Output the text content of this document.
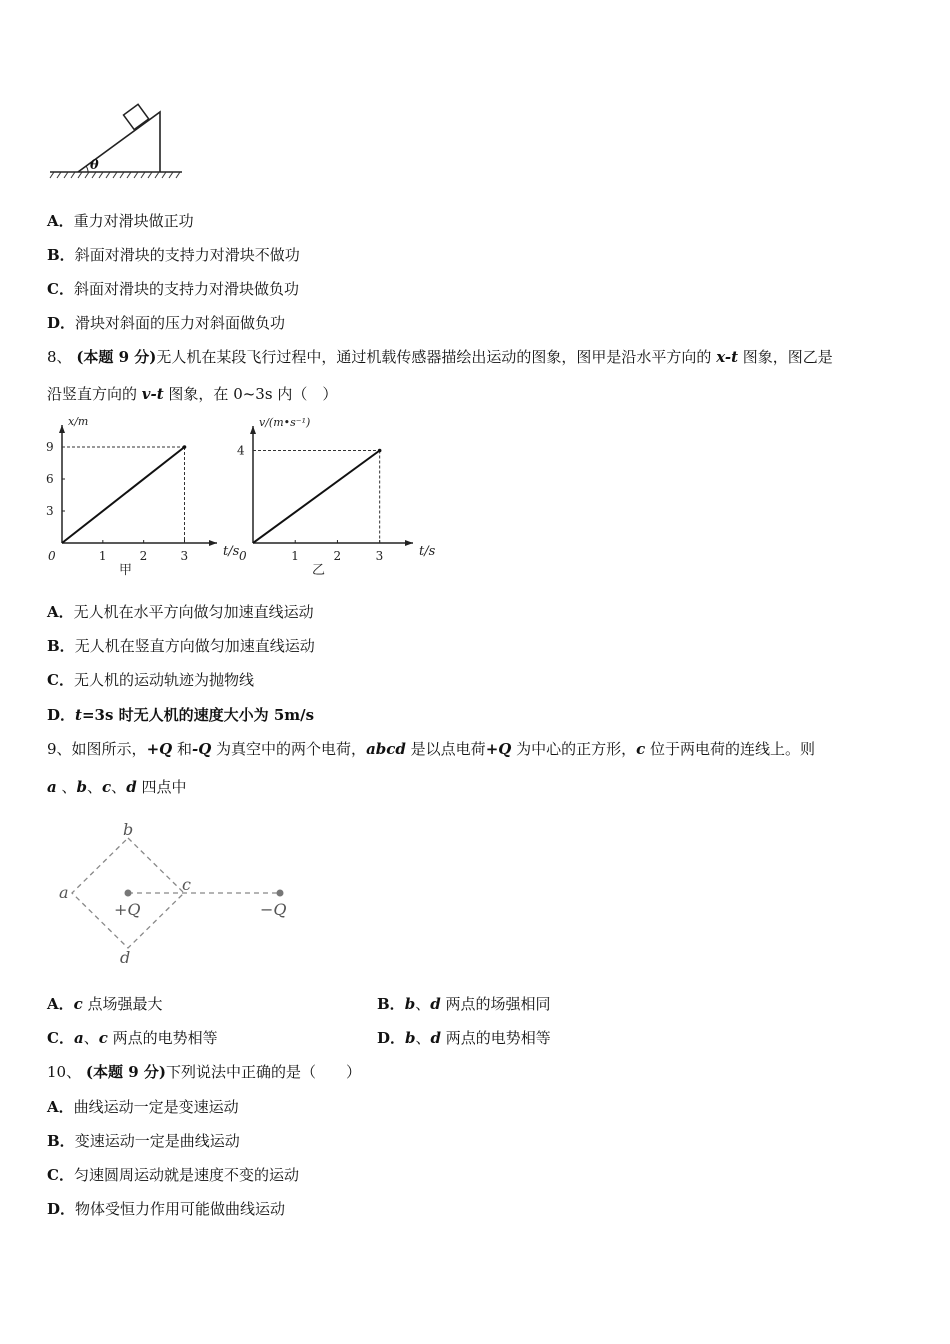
θ
A．重力对滑块做正功
B．斜面对滑块的支持力对滑块不做功
C．斜面对滑块的支持力对滑块做负功
D．滑块对斜面的压力对斜面做负功
8、 (本题 9 分)无人机在某段飞行过程中，通过机载传感器描绘出运动的图象，图甲是沿水平方向的 x-t 图象，图乙是
沿竖直方向的 v-t 图象，在 0~3s 内（　）
1	2	3
3
6
9
0
x/m
t/s
甲
1	2	3
4
0
v/(m•s⁻¹)
t/s
乙
A．无人机在水平方向做匀加速直线运动
B．无人机在竖直方向做匀加速直线运动
C．无人机的运动轨迹为抛物线
D．t=3s 时无人机的速度大小为 5m/s
9、如图所示，+Q 和-Q 为真空中的两个电荷，abcd 是以点电荷+Q 为中心的正方形，c 位于两电荷的连线上。则
a 、b、c、d 四点中
b
a	c
d
+Q	−Q
A．c 点场强最大	B．b、d 两点的场强相同
C．a、c 两点的电势相等	D．b、d 两点的电势相等
10、 (本题 9 分)下列说法中正确的是（　　）
A．曲线运动一定是变速运动
B．变速运动一定是曲线运动
C．匀速圆周运动就是速度不变的运动
D．物体受恒力作用可能做曲线运动
